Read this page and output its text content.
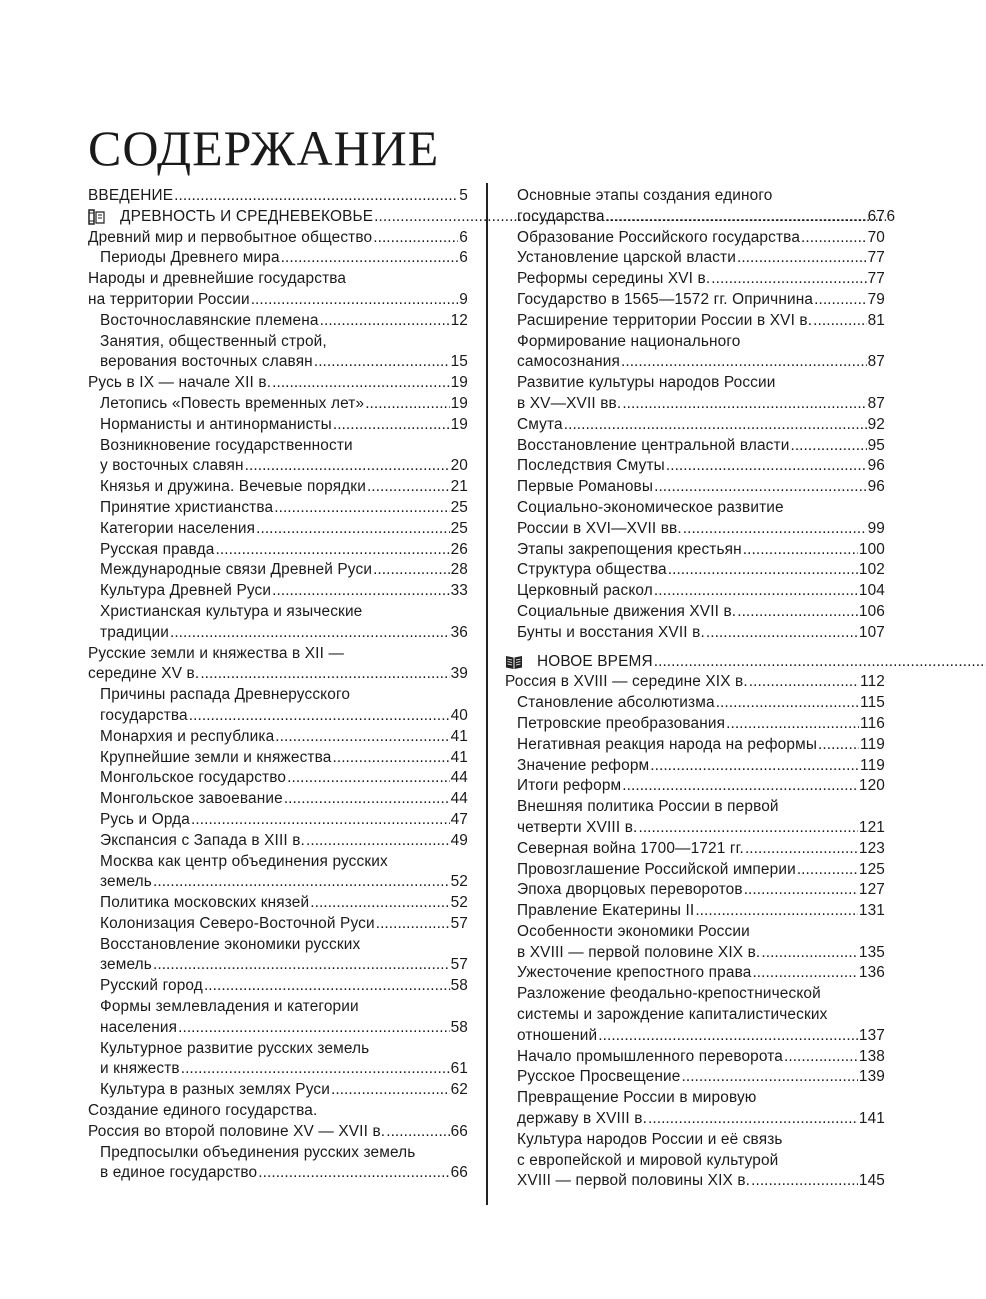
СОДЕРЖАНИЕ
ВВЕДЕНИЕ . . .	5
ДРЕВНОСТЬ И СРЕДНЕВЕКОВЬЕ . . .	6
Древний мир и первобытное общество . . .	6
Периоды Древнего мира . . .	6
Народы и древнейшие государства
на территории России . . .	9
Восточнославянские племена . . .	12
Занятия, общественный строй,
верования восточных славян . . .	15
Русь в IX — начале XII в. . . .	19
Летопись «Повесть временных лет» . . .	19
Норманисты и антинорманисты . . .	19
Возникновение государственности
у восточных славян . . .	20
Князья и дружина. Вечевые порядки . . .	21
Принятие христианства . . .	25
Категории населения . . .	25
Русская правда . . .	26
Международные связи Древней Руси . . .	28
Культура Древней Руси . . .	33
Христианская культура и языческие
традиции . . .	36
Русские земли и княжества в XII —
середине XV в. . . .	39
Причины распада Древнерусского
государства . . .	40
Монархия и республика . . .	41
Крупнейшие земли и княжества . . .	41
Монгольское государство . . .	44
Монгольское завоевание . . .	44
Русь и Орда . . .	47
Экспансия с Запада в XIII в. . . .	49
Москва как центр объединения русских
земель . . .	52
Политика московских князей . . .	52
Колонизация Северо-Восточной Руси . . .	57
Восстановление экономики русских
земель . . .	57
Русский город . . .	58
Формы землевладения и категории
населения . . .	58
Культурное развитие русских земель
и княжеств . . .	61
Культура в разных землях Руси . . .	62
Создание единого государства.
Россия во второй половине XV — XVII в. . . .	66
Предпосылки объединения русских земель
в единое государство . . .	66
Основные этапы создания единого
государства . . .	67
Образование Российского государства . . .	70
Установление царской власти . . .	77
Реформы середины XVI в. . . .	77
Государство в 1565—1572 гг. Опричнина . . .	79
Расширение территории России в XVI в. . . .	81
Формирование национального
самосознания . . .	87
Развитие культуры народов России
в XV—XVII вв. . . .	87
Смута . . .	92
Восстановление центральной власти . . .	95
Последствия Смуты . . .	96
Первые Романовы . . .	96
Социально-экономическое развитие
России в XVI—XVII вв. . . .	99
Этапы закрепощения крестьян . . .	100
Структура общества . . .	102
Церковный раскол . . .	104
Социальные движения XVII в. . . .	106
Бунты и восстания XVII в. . . .	107
НОВОЕ ВРЕМЯ
. . .
Россия в XVIII — середине XIX в. . . .	112
Становление абсолютизма . . .	115
Петровские преобразования . . .	116
Негативная реакция народа на реформы . . .	119
Значение реформ . . .	119
Итоги реформ . . .	120
Внешняя политика России в первой
четверти XVIII в. . . .	121
Северная война 1700—1721 гг. . . .	123
Провозглашение Российской империи . . .	125
Эпоха дворцовых переворотов . . .	127
Правление Екатерины II . . .	131
Особенности экономики России
в XVIII — первой половине XIX в. . . .	135
Ужесточение крепостного права . . .	136
Разложение феодально-крепостнической
системы и зарождение капиталистических
отношений . . .	137
Начало промышленного переворота . . .	138
Русское Просвещение . . .	139
Превращение России в мировую
державу в XVIII в. . . .	141
Культура народов России и её связь
с европейской и мировой культурой
XVIII — первой половины XIX в. . . .	145
